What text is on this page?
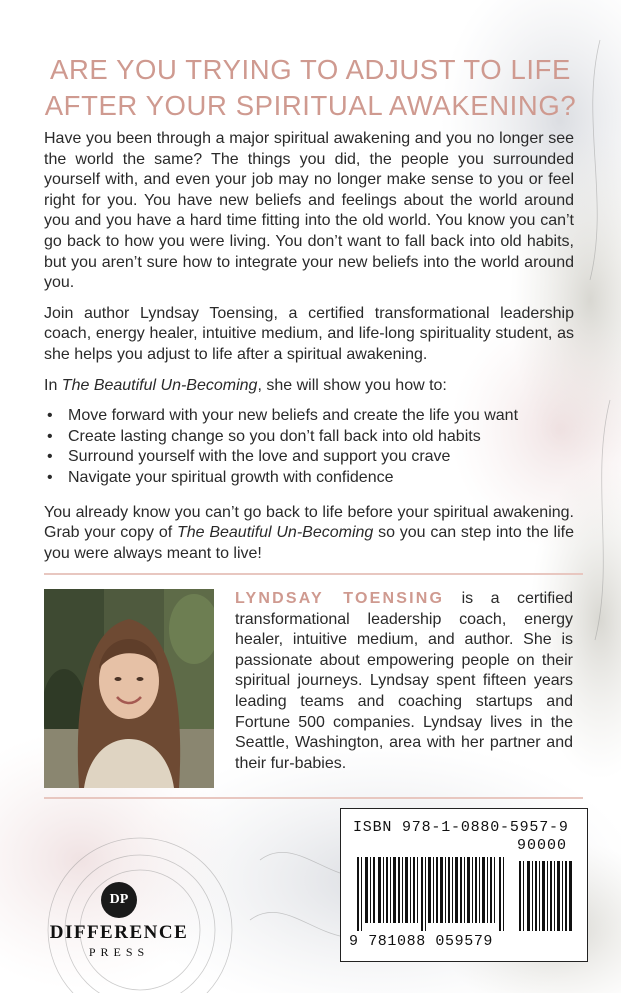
ARE YOU TRYING TO ADJUST TO LIFE
AFTER YOUR SPIRITUAL AWAKENING?

Have you been through a major spiritual awakening and you no longer see the world the same? The things you did, the people you surrounded yourself with, and even your job may no longer make sense to you or feel right for you. You have new beliefs and feelings about the world around you and you have a hard time fitting into the old world. You know you can’t go back to how you were living. You don’t want to fall back into old habits, but you aren’t sure how to integrate your new beliefs into the world around you.

Join author Lyndsay Toensing, a certified transformational leadership coach, energy healer, intuitive medium, and life-long spirituality student, as she helps you adjust to life after a spiritual awakening.

In The Beautiful Un-Becoming, she will show you how to:

• Move forward with your new beliefs and create the life you want
• Create lasting change so you don’t fall back into old habits
• Surround yourself with the love and support you crave
• Navigate your spiritual growth with confidence

You already know you can’t go back to life before your spiritual awakening. Grab your copy of The Beautiful Un-Becoming so you can step into the life you were always meant to live!

LYNDSAY TOENSING is a certified transformational leadership coach, energy healer, intuitive medium, and author. She is passionate about empowering people on their spiritual journeys. Lyndsay spent fifteen years leading teams and coaching startups and Fortune 500 companies. Lyndsay lives in the Seattle, Washington, area with her partner and their fur-babies.
DP
DIFFERENCE
PRESS
ISBN 978-1-0880-5957-9
90000
9 781088 059579
